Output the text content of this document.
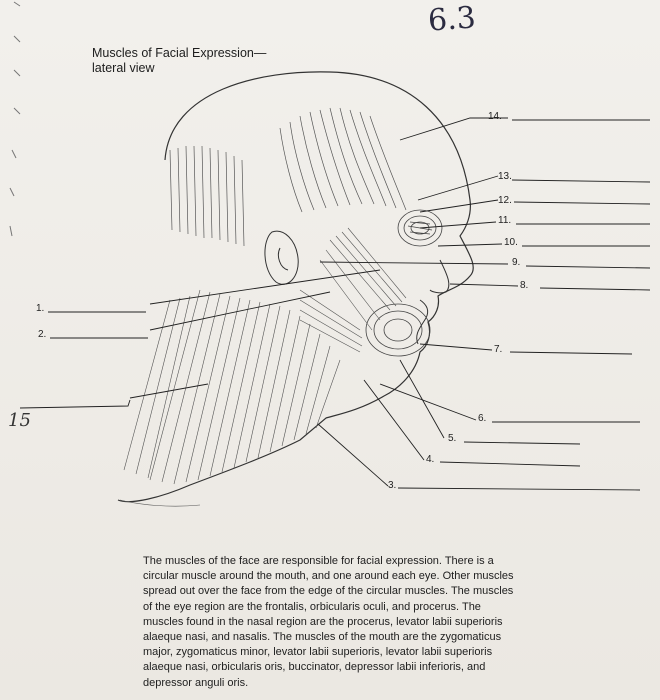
6.3
15
Muscles of Facial Expression—
lateral view
1.
2.
3.
4.
5.
6.
7.
8.
9.
10.
11.
12.
13.
14.

The muscles of the face are responsible for facial expression. There is a circular muscle around the mouth, and one around each eye. Other muscles spread out over the face from the edge of the circular muscles. The muscles of the eye region are the frontalis, orbicularis oculi, and procerus. The muscles found in the nasal region are the procerus, levator labii superioris alaeque nasi, and nasalis. The muscles of the mouth are the zygomaticus major, zygomaticus minor, levator labii superioris, levator labii superioris alaeque nasi, orbicularis oris, buccinator, depressor labii inferioris, and depressor anguli oris.
